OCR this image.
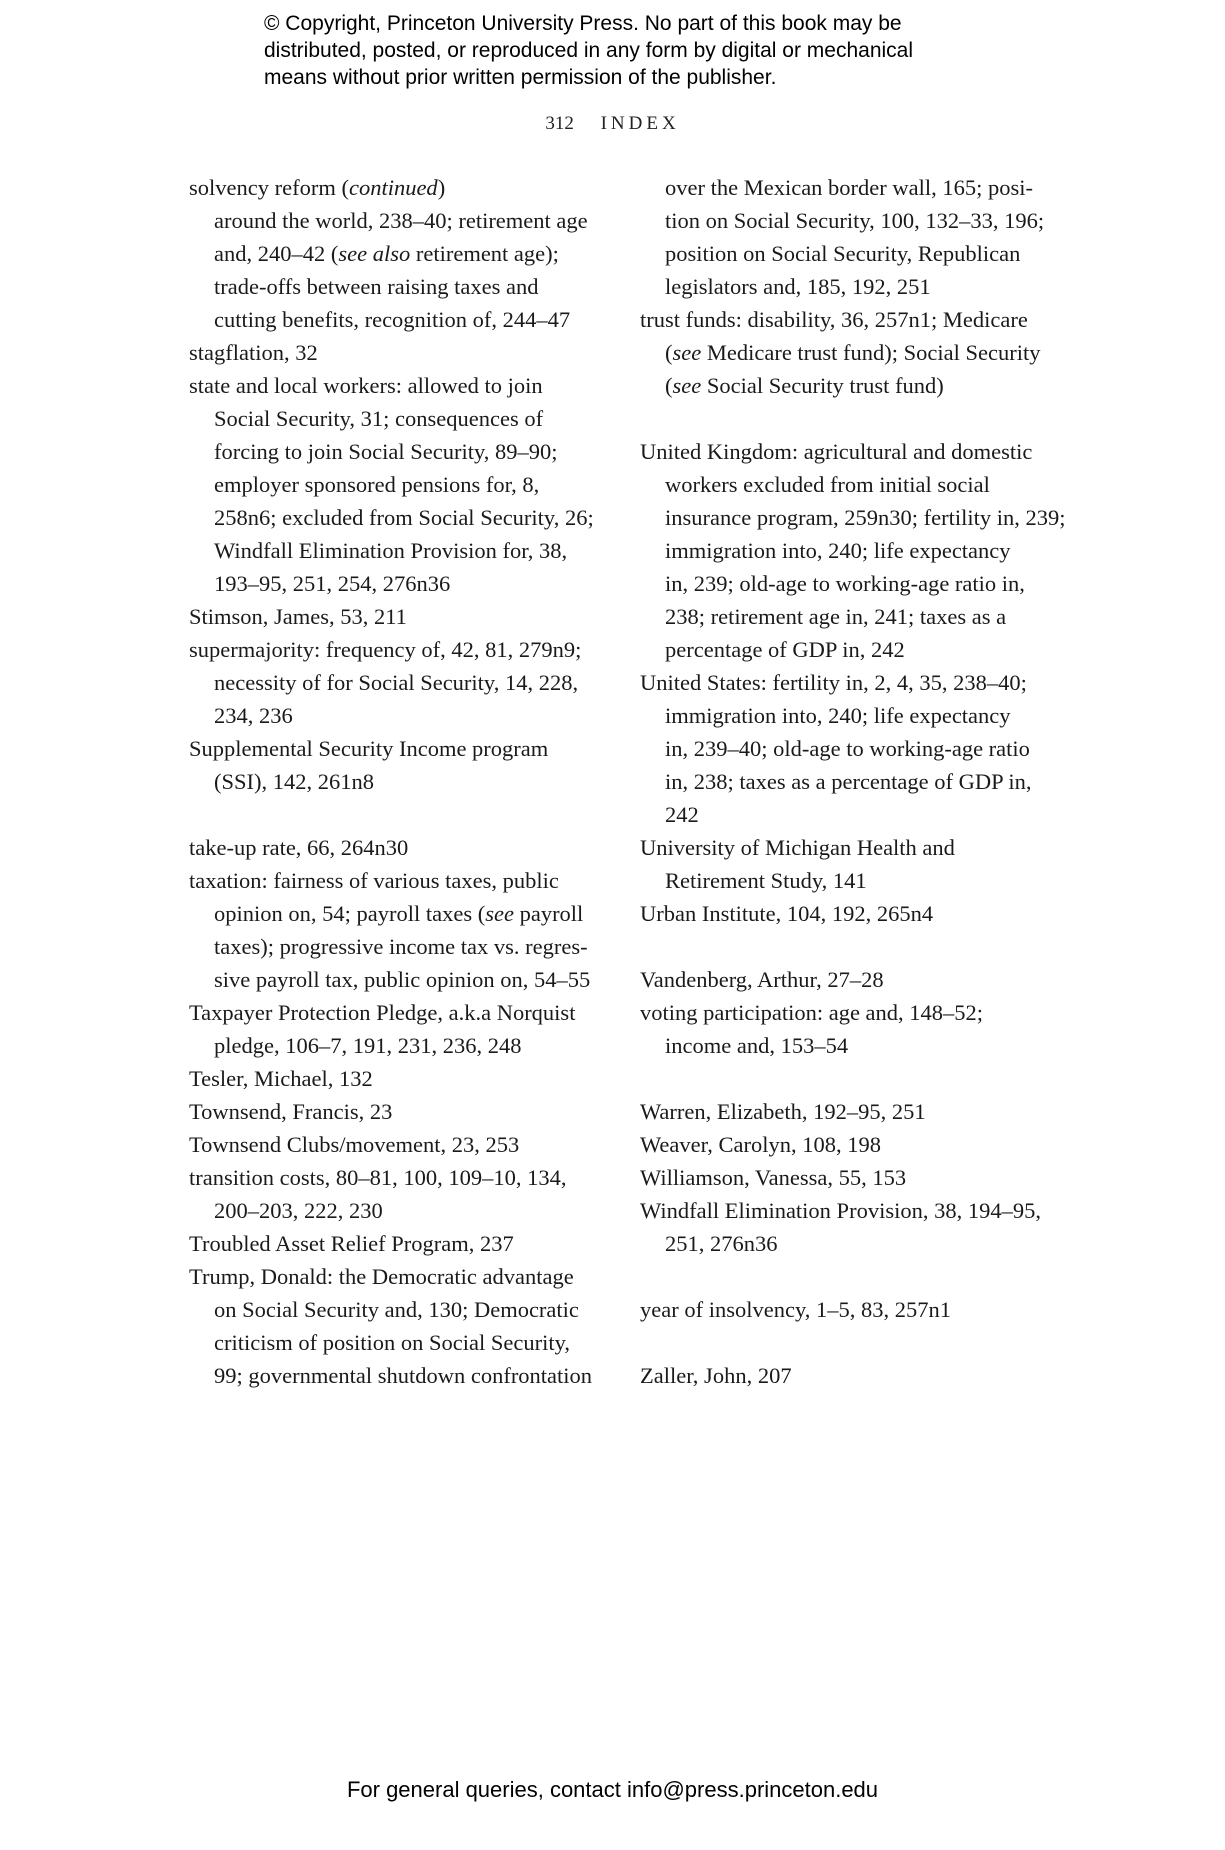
© Copyright, Princeton University Press. No part of this book may be
distributed, posted, or reproduced in any form by digital or mechanical
means without prior written permission of the publisher.
312 INDEX
solvency reform (continued)
around the world, 238–40; retirement age
and, 240–42 (see also retirement age);
trade-offs between raising taxes and
cutting benefits, recognition of, 244–47
stagflation, 32
state and local workers: allowed to join
Social Security, 31; consequences of
forcing to join Social Security, 89–90;
employer sponsored pensions for, 8,
258n6; excluded from Social Security, 26;
Windfall Elimination Provision for, 38,
193–95, 251, 254, 276n36
Stimson, James, 53, 211
supermajority: frequency of, 42, 81, 279n9;
necessity of for Social Security, 14, 228,
234, 236
Supplemental Security Income program
(SSI), 142, 261n8
take-up rate, 66, 264n30
taxation: fairness of various taxes, public
opinion on, 54; payroll taxes (see payroll
taxes); progressive income tax vs. regres-
sive payroll tax, public opinion on, 54–55
Taxpayer Protection Pledge, a.k.a Norquist
pledge, 106–7, 191, 231, 236, 248
Tesler, Michael, 132
Townsend, Francis, 23
Townsend Clubs/movement, 23, 253
transition costs, 80–81, 100, 109–10, 134,
200–203, 222, 230
Troubled Asset Relief Program, 237
Trump, Donald: the Democratic advantage
on Social Security and, 130; Democratic
criticism of position on Social Security,
99; governmental shutdown confrontation
over the Mexican border wall, 165; posi-
tion on Social Security, 100, 132–33, 196;
position on Social Security, Republican
legislators and, 185, 192, 251
trust funds: disability, 36, 257n1; Medicare
(see Medicare trust fund); Social Security
(see Social Security trust fund)
United Kingdom: agricultural and domestic
workers excluded from initial social
insurance program, 259n30; fertility in, 239;
immigration into, 240; life expectancy
in, 239; old-age to working-age ratio in,
238; retirement age in, 241; taxes as a
percentage of GDP in, 242
United States: fertility in, 2, 4, 35, 238–40;
immigration into, 240; life expectancy
in, 239–40; old-age to working-age ratio
in, 238; taxes as a percentage of GDP in,
242
University of Michigan Health and
Retirement Study, 141
Urban Institute, 104, 192, 265n4
Vandenberg, Arthur, 27–28
voting participation: age and, 148–52;
income and, 153–54
Warren, Elizabeth, 192–95, 251
Weaver, Carolyn, 108, 198
Williamson, Vanessa, 55, 153
Windfall Elimination Provision, 38, 194–95,
251, 276n36
year of insolvency, 1–5, 83, 257n1
Zaller, John, 207
For general queries, contact info@press.princeton.edu
